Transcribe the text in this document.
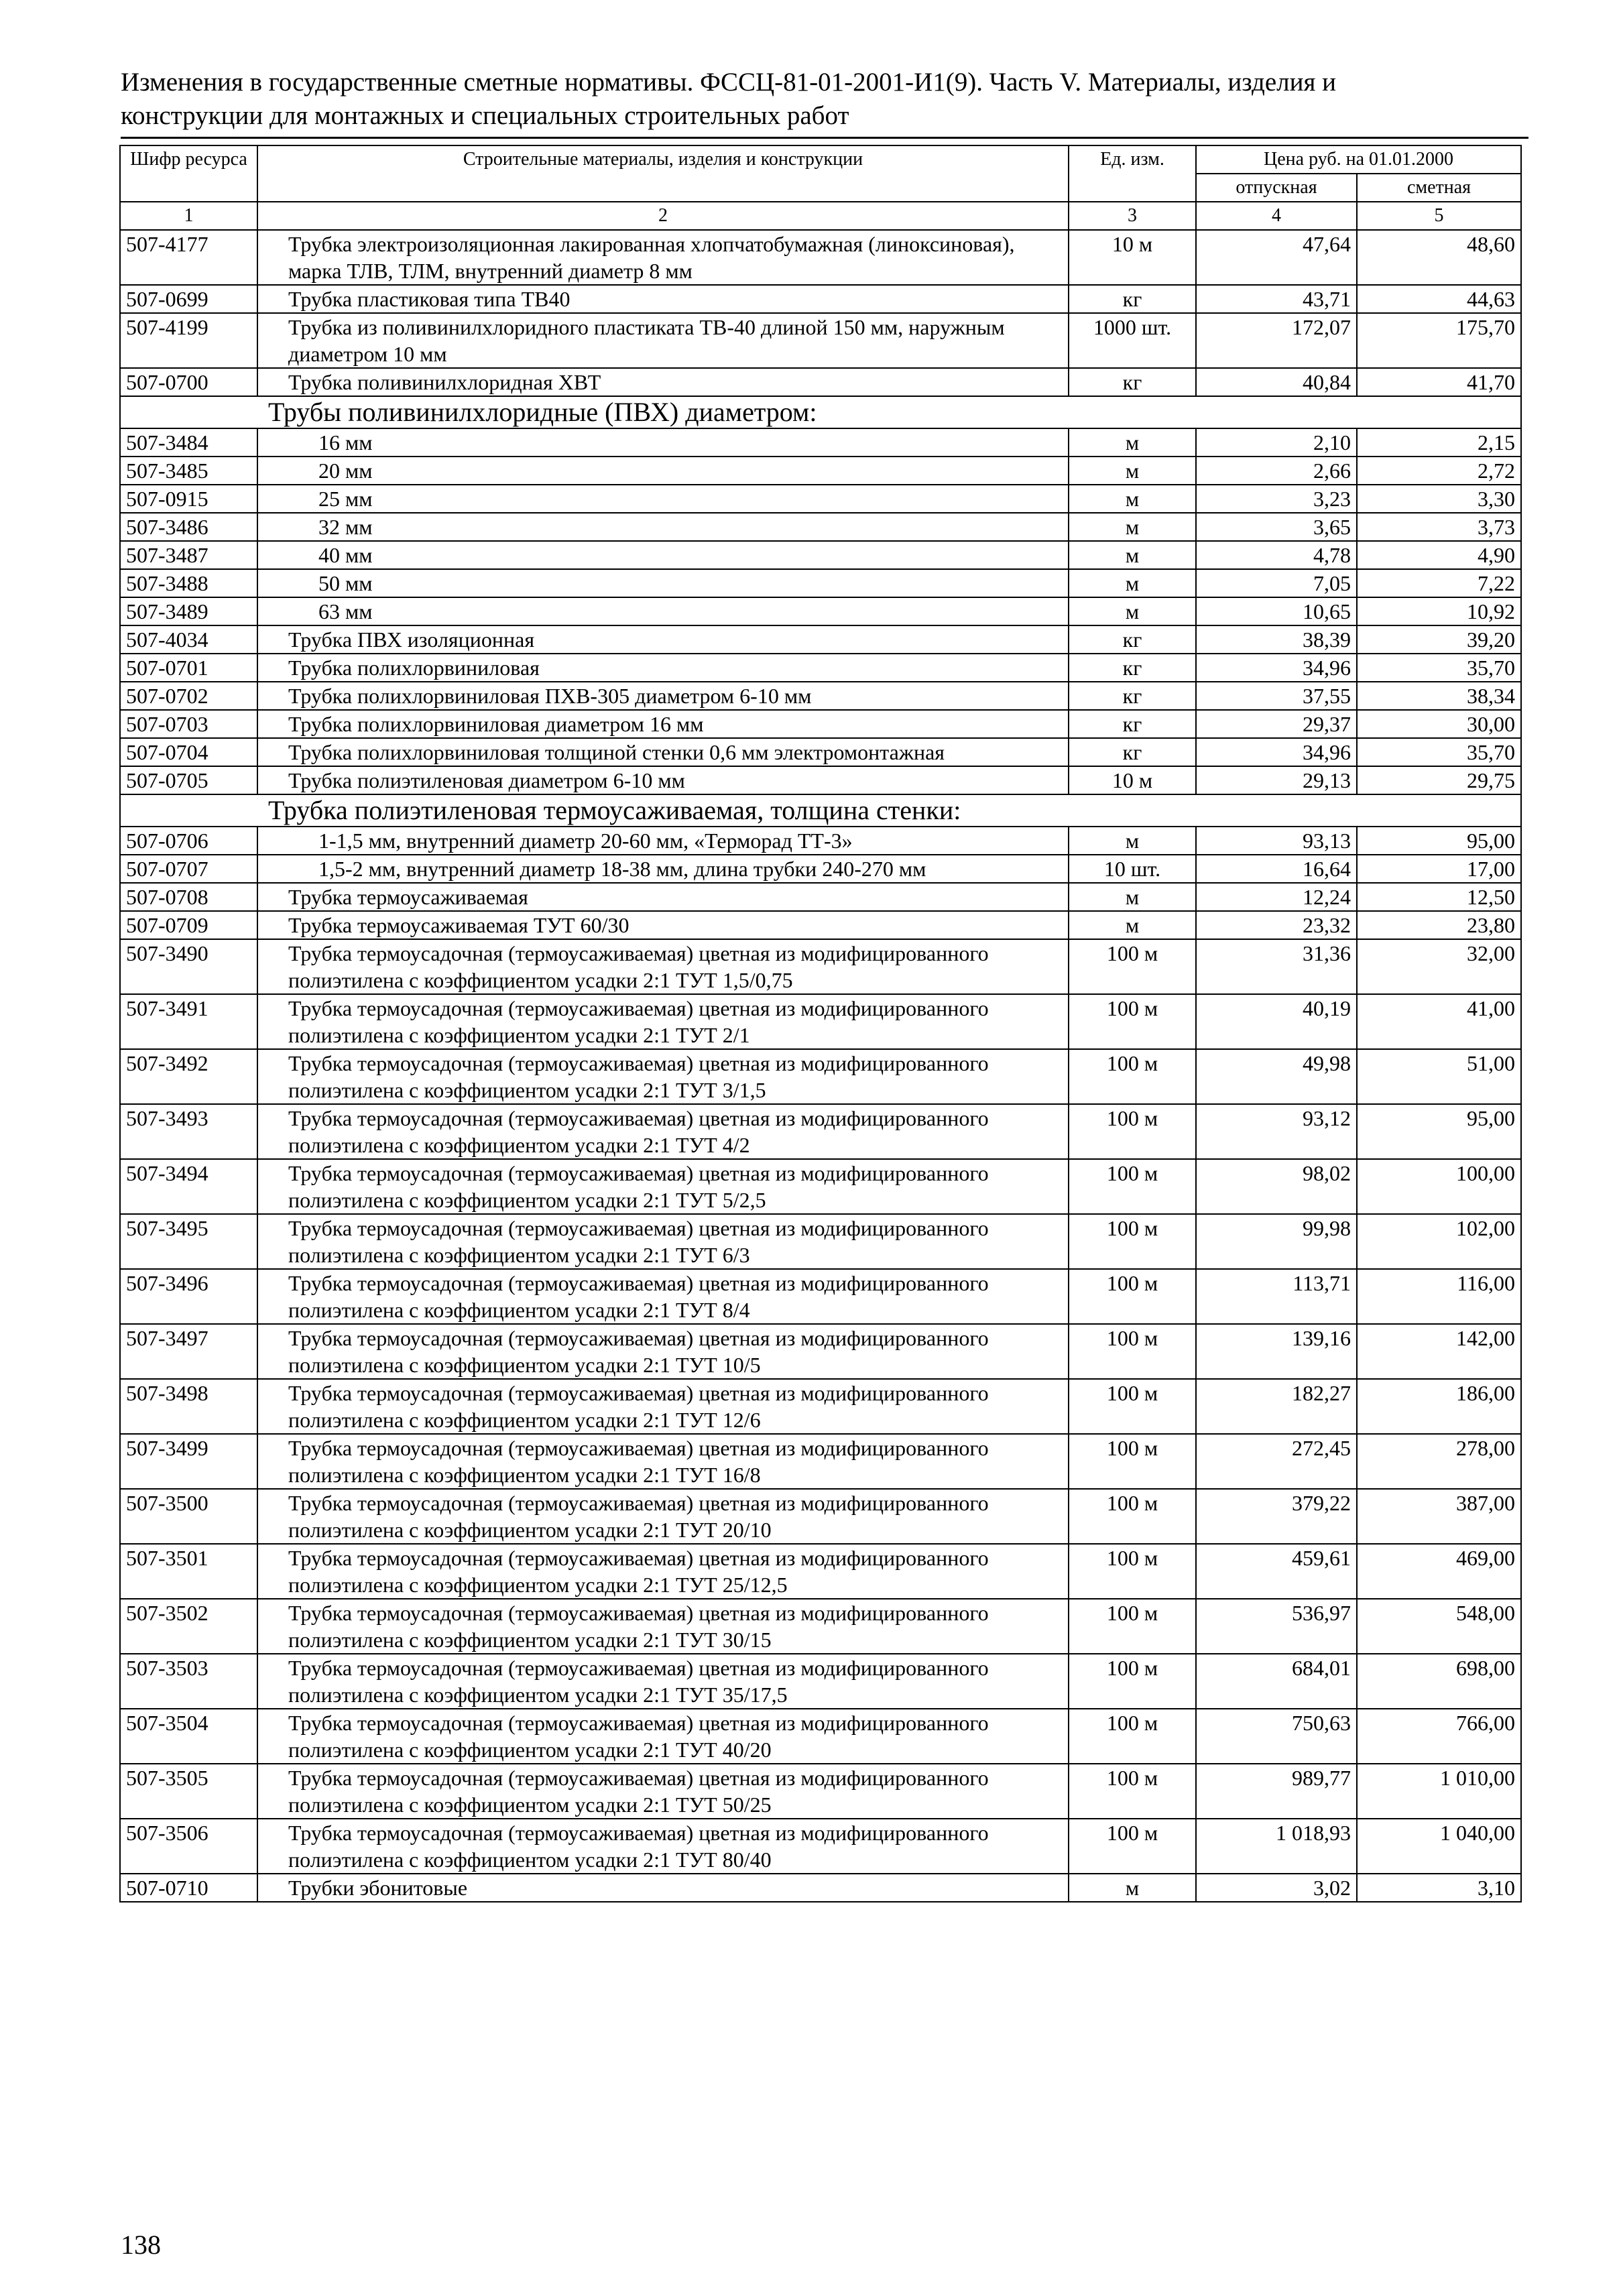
Изменения в государственные сметные нормативы. ФССЦ-81-01-2001-И1(9). Часть V. Материалы, изделия и
конструкции для монтажных и специальных строительных работ
Шифр ресурса	Строительные материалы, изделия и конструкции	Ед. изм.	Цена руб. на 01.01.2000	
			отпускная	сметная
1	2	3	4	5
507-4177	Трубка электроизоляционная лакированная хлопчатобумажная (линоксиновая), марка ТЛВ, ТЛМ, внутренний диаметр 8 мм	10 м	47,64	48,60
507-0699	Трубка пластиковая типа ТВ40	кг	43,71	44,63
507-4199	Трубка из поливинилхлоридного пластиката ТВ-40 длиной 150 мм, наружным диаметром 10 мм	1000 шт.	172,07	175,70
507-0700	Трубка поливинилхлоридная ХВТ	кг	40,84	41,70
Трубы поливинилхлоридные (ПВХ) диаметром:				
507-3484	16 мм	м	2,10	2,15
507-3485	20 мм	м	2,66	2,72
507-0915	25 мм	м	3,23	3,30
507-3486	32 мм	м	3,65	3,73
507-3487	40 мм	м	4,78	4,90
507-3488	50 мм	м	7,05	7,22
507-3489	63 мм	м	10,65	10,92
507-4034	Трубка ПВХ изоляционная	кг	38,39	39,20
507-0701	Трубка полихлорвиниловая	кг	34,96	35,70
507-0702	Трубка полихлорвиниловая ПХВ-305 диаметром 6-10 мм	кг	37,55	38,34
507-0703	Трубка полихлорвиниловая диаметром 16 мм	кг	29,37	30,00
507-0704	Трубка полихлорвиниловая толщиной стенки 0,6 мм электромонтажная	кг	34,96	35,70
507-0705	Трубка полиэтиленовая диаметром 6-10 мм	10 м	29,13	29,75
Трубка полиэтиленовая термоусаживаемая, толщина стенки:				
507-0706	1-1,5 мм, внутренний диаметр 20-60 мм, «Терморад ТТ-3»	м	93,13	95,00
507-0707	1,5-2 мм, внутренний диаметр 18-38 мм, длина трубки 240-270 мм	10 шт.	16,64	17,00
507-0708	Трубка термоусаживаемая	м	12,24	12,50
507-0709	Трубка термоусаживаемая ТУТ 60/30	м	23,32	23,80
507-3490	Трубка термоусадочная (термоусаживаемая) цветная из модифицированного полиэтилена с коэффициентом усадки 2:1 ТУТ 1,5/0,75	100 м	31,36	32,00
507-3491	Трубка термоусадочная (термоусаживаемая) цветная из модифицированного полиэтилена с коэффициентом усадки 2:1 ТУТ 2/1	100 м	40,19	41,00
507-3492	Трубка термоусадочная (термоусаживаемая) цветная из модифицированного полиэтилена с коэффициентом усадки 2:1 ТУТ 3/1,5	100 м	49,98	51,00
507-3493	Трубка термоусадочная (термоусаживаемая) цветная из модифицированного полиэтилена с коэффициентом усадки 2:1 ТУТ 4/2	100 м	93,12	95,00
507-3494	Трубка термоусадочная (термоусаживаемая) цветная из модифицированного полиэтилена с коэффициентом усадки 2:1 ТУТ 5/2,5	100 м	98,02	100,00
507-3495	Трубка термоусадочная (термоусаживаемая) цветная из модифицированного полиэтилена с коэффициентом усадки 2:1 ТУТ 6/3	100 м	99,98	102,00
507-3496	Трубка термоусадочная (термоусаживаемая) цветная из модифицированного полиэтилена с коэффициентом усадки 2:1 ТУТ 8/4	100 м	113,71	116,00
507-3497	Трубка термоусадочная (термоусаживаемая) цветная из модифицированного полиэтилена с коэффициентом усадки 2:1 ТУТ 10/5	100 м	139,16	142,00
507-3498	Трубка термоусадочная (термоусаживаемая) цветная из модифицированного полиэтилена с коэффициентом усадки 2:1 ТУТ 12/6	100 м	182,27	186,00
507-3499	Трубка термоусадочная (термоусаживаемая) цветная из модифицированного полиэтилена с коэффициентом усадки 2:1 ТУТ 16/8	100 м	272,45	278,00
507-3500	Трубка термоусадочная (термоусаживаемая) цветная из модифицированного полиэтилена с коэффициентом усадки 2:1 ТУТ 20/10	100 м	379,22	387,00
507-3501	Трубка термоусадочная (термоусаживаемая) цветная из модифицированного полиэтилена с коэффициентом усадки 2:1 ТУТ 25/12,5	100 м	459,61	469,00
507-3502	Трубка термоусадочная (термоусаживаемая) цветная из модифицированного полиэтилена с коэффициентом усадки 2:1 ТУТ 30/15	100 м	536,97	548,00
507-3503	Трубка термоусадочная (термоусаживаемая) цветная из модифицированного полиэтилена с коэффициентом усадки 2:1 ТУТ 35/17,5	100 м	684,01	698,00
507-3504	Трубка термоусадочная (термоусаживаемая) цветная из модифицированного полиэтилена с коэффициентом усадки 2:1 ТУТ 40/20	100 м	750,63	766,00
507-3505	Трубка термоусадочная (термоусаживаемая) цветная из модифицированного полиэтилена с коэффициентом усадки 2:1 ТУТ 50/25	100 м	989,77	1 010,00
507-3506	Трубка термоусадочная (термоусаживаемая) цветная из модифицированного полиэтилена с коэффициентом усадки 2:1 ТУТ 80/40	100 м	1 018,93	1 040,00
507-0710	Трубки эбонитовые	м	3,02	3,10
138
